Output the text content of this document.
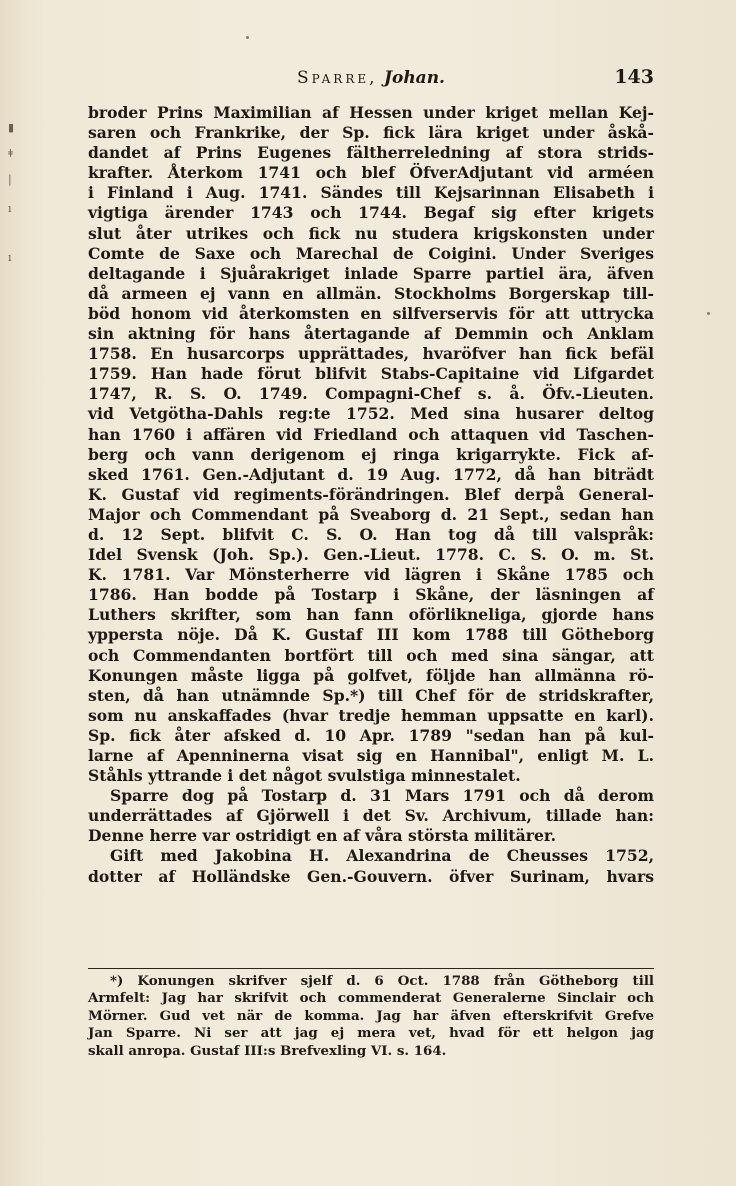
▮
ǂ
|
ı
ı
Sparre, Johan.	143
broder Prins Maximilian af Hessen under kriget mellan Kej-
saren och Frankrike, der Sp. fick lära kriget under åskå-
dandet af Prins Eugenes fältherreledning af stora strids-
krafter. Återkom 1741 och blef ÖfverAdjutant vid arméen
i Finland i Aug. 1741. Sändes till Kejsarinnan Elisabeth i
vigtiga ärender 1743 och 1744. Begaf sig efter krigets
slut åter utrikes och fick nu studera krigskonsten under
Comte de Saxe och Marechal de Coigini. Under Sveriges
deltagande i Sjuårakriget inlade Sparre partiel ära, äfven
då armeen ej vann en allmän. Stockholms Borgerskap till-
böd honom vid återkomsten en silfverservis för att uttrycka
sin aktning för hans återtagande af Demmin och Anklam
1758. En husarcorps upprättades, hvaröfver han fick befäl
1759. Han hade förut blifvit Stabs-Capitaine vid Lifgardet
1747, R. S. O. 1749. Compagni-Chef s. å. Öfv.-Lieuten.
vid Vetgötha-Dahls reg:te 1752. Med sina husarer deltog
han 1760 i affären vid Friedland och attaquen vid Taschen-
berg och vann derigenom ej ringa krigarrykte. Fick af-
sked 1761. Gen.-Adjutant d. 19 Aug. 1772, då han biträdt
K. Gustaf vid regiments-förändringen. Blef derpå General-
Major och Commendant på Sveaborg d. 21 Sept., sedan han
d. 12 Sept. blifvit C. S. O. Han tog då till valspråk:
Idel Svensk (Joh. Sp.). Gen.-Lieut. 1778. C. S. O. m. St.
K. 1781. Var Mönsterherre vid lägren i Skåne 1785 och
1786. Han bodde på Tostarp i Skåne, der läsningen af
Luthers skrifter, som han fann oförlikneliga, gjorde hans
yppersta nöje. Då K. Gustaf III kom 1788 till Götheborg
och Commendanten bortfört till och med sina sängar, att
Konungen måste ligga på golfvet, följde han allmänna rö-
sten, då han utnämnde Sp.*) till Chef för de stridskrafter,
som nu anskaffades (hvar tredje hemman uppsatte en karl).
Sp. fick åter afsked d. 10 Apr. 1789 "sedan han på kul-
larne af Apenninerna visat sig en Hannibal", enligt M. L.
Ståhls yttrande i det något svulstiga minnestalet.
Sparre dog på Tostarp d. 31 Mars 1791 och då derom
underrättades af Gjörwell i det Sv. Archivum, tillade han:
Denne herre var ostridigt en af våra största militärer.
Gift med Jakobina H. Alexandrina de Cheusses 1752,
dotter af Holländske Gen.-Gouvern. öfver Surinam, hvars
*) Konungen skrifver sjelf d. 6 Oct. 1788 från Götheborg till
Armfelt: Jag har skrifvit och commenderat Generalerne Sinclair och
Mörner. Gud vet när de komma. Jag har äfven efterskrifvit Grefve
Jan Sparre. Ni ser att jag ej mera vet, hvad för ett helgon jag
skall anropa. Gustaf III:s Brefvexling VI. s. 164.
